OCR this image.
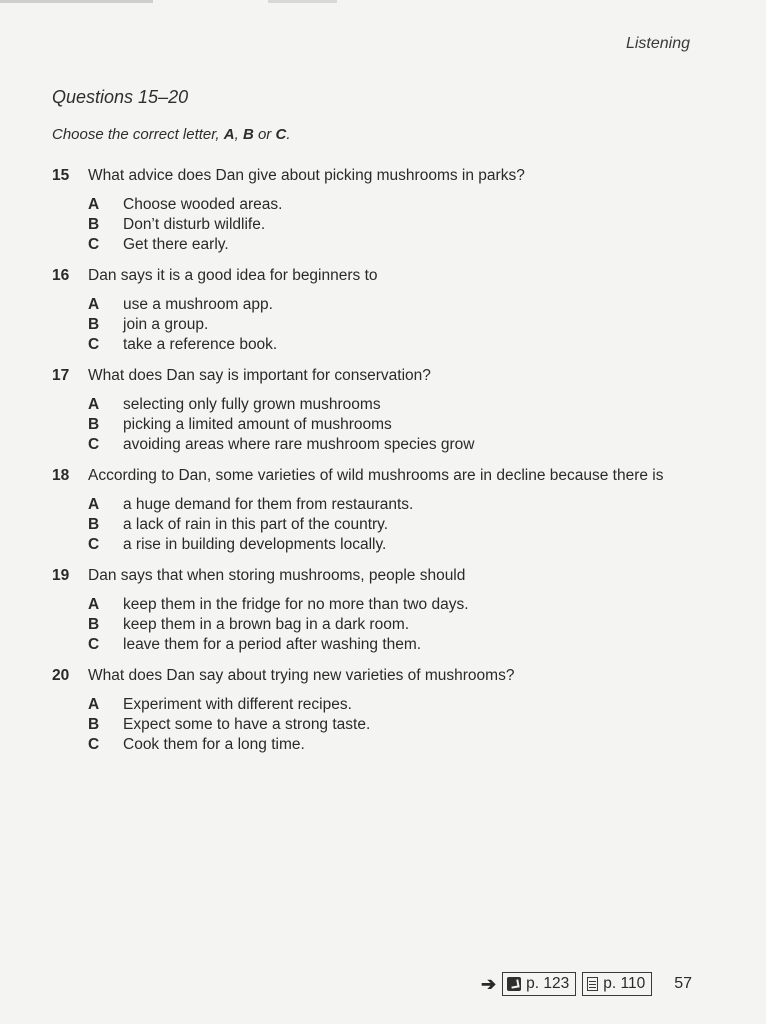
Listening
Questions 15–20
Choose the correct letter, A, B or C.
15	What advice does Dan give about picking mushrooms in parks?
A	Choose wooded areas.
B	Don’t disturb wildlife.
C	Get there early.
16	Dan says it is a good idea for beginners to
A	use a mushroom app.
B	join a group.
C	take a reference book.
17	What does Dan say is important for conservation?
A	selecting only fully grown mushrooms
B	picking a limited amount of mushrooms
C	avoiding areas where rare mushroom species grow
18	According to Dan, some varieties of wild mushrooms are in decline because there is
A	a huge demand for them from restaurants.
B	a lack of rain in this part of the country.
C	a rise in building developments locally.
19	Dan says that when storing mushrooms, people should
A	keep them in the fridge for no more than two days.
B	keep them in a brown bag in a dark room.
C	leave them for a period after washing them.
20	What does Dan say about trying new varieties of mushrooms?
A	Experiment with different recipes.
B	Expect some to have a strong taste.
C	Cook them for a long time.
➔ p. 123 p. 110 57
